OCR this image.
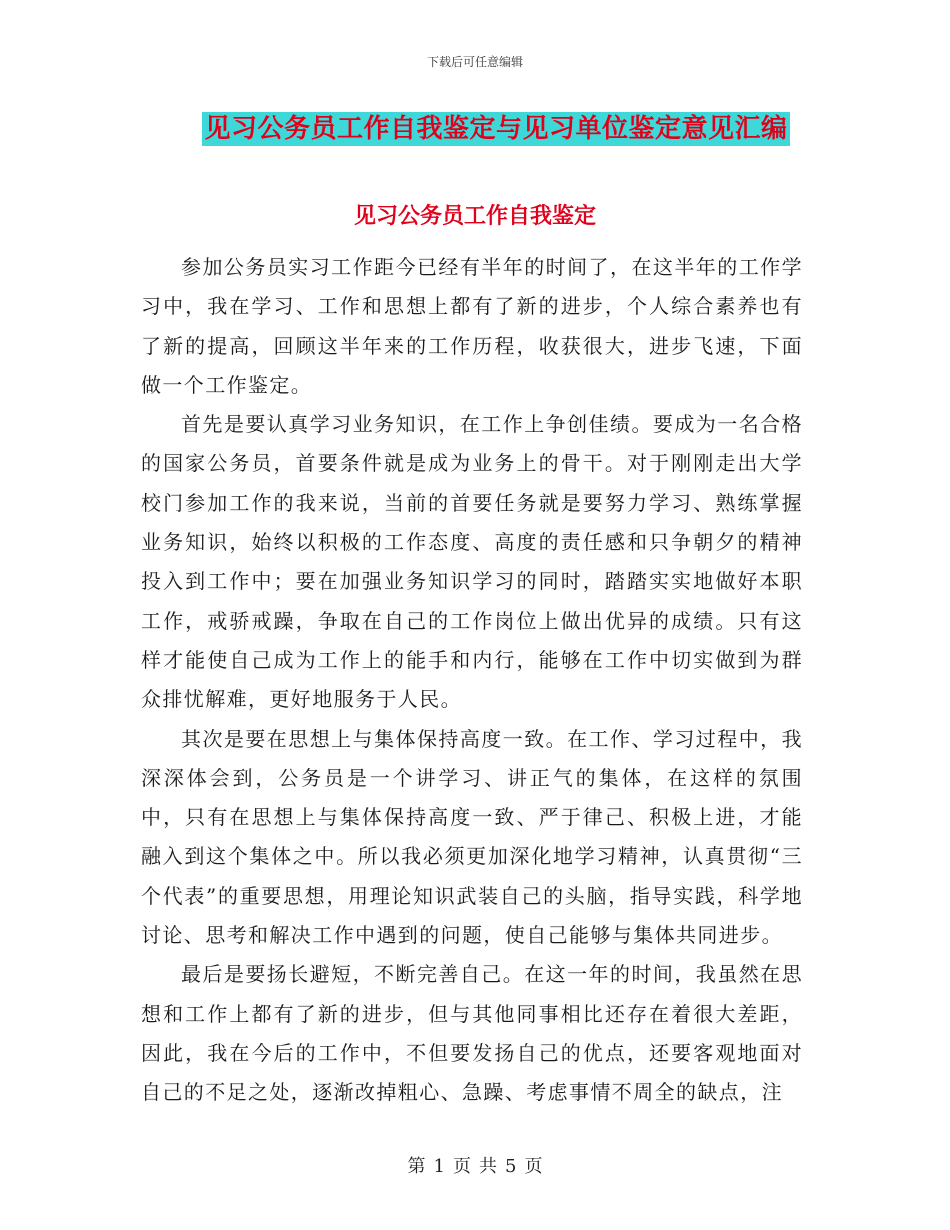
下载后可任意编辑
见习公务员工作自我鉴定与见习单位鉴定意见汇编
见习公务员工作自我鉴定

参加公务员实习工作距今已经有半年的时间了，在这半年的工作学习中，我在学习、工作和思想上都有了新的进步，个人综合素养也有了新的提高，回顾这半年来的工作历程，收获很大，进步飞速，下面做一个工作鉴定。

首先是要认真学习业务知识，在工作上争创佳绩。要成为一名合格的国家公务员，首要条件就是成为业务上的骨干。对于刚刚走出大学校门参加工作的我来说，当前的首要任务就是要努力学习、熟练掌握业务知识，始终以积极的工作态度、高度的责任感和只争朝夕的精神投入到工作中；要在加强业务知识学习的同时，踏踏实实地做好本职工作，戒骄戒躁，争取在自己的工作岗位上做出优异的成绩。只有这样才能使自己成为工作上的能手和内行，能够在工作中切实做到为群众排忧解难，更好地服务于人民。

其次是要在思想上与集体保持高度一致。在工作、学习过程中，我深深体会到，公务员是一个讲学习、讲正气的集体，在这样的氛围中，只有在思想上与集体保持高度一致、严于律己、积极上进，才能融入到这个集体之中。所以我必须更加深化地学习精神，认真贯彻“三个代表”的重要思想，用理论知识武装自己的头脑，指导实践，科学地讨论、思考和解决工作中遇到的问题，使自己能够与集体共同进步。

最后是要扬长避短，不断完善自己。在这一年的时间，我虽然在思想和工作上都有了新的进步，但与其他同事相比还存在着很大差距，因此，我在今后的工作中，不但要发扬自己的优点，还要客观地面对自己的不足之处，逐渐改掉粗心、急躁、考虑事情不周全的缺点，注

第 1 页 共 5 页
